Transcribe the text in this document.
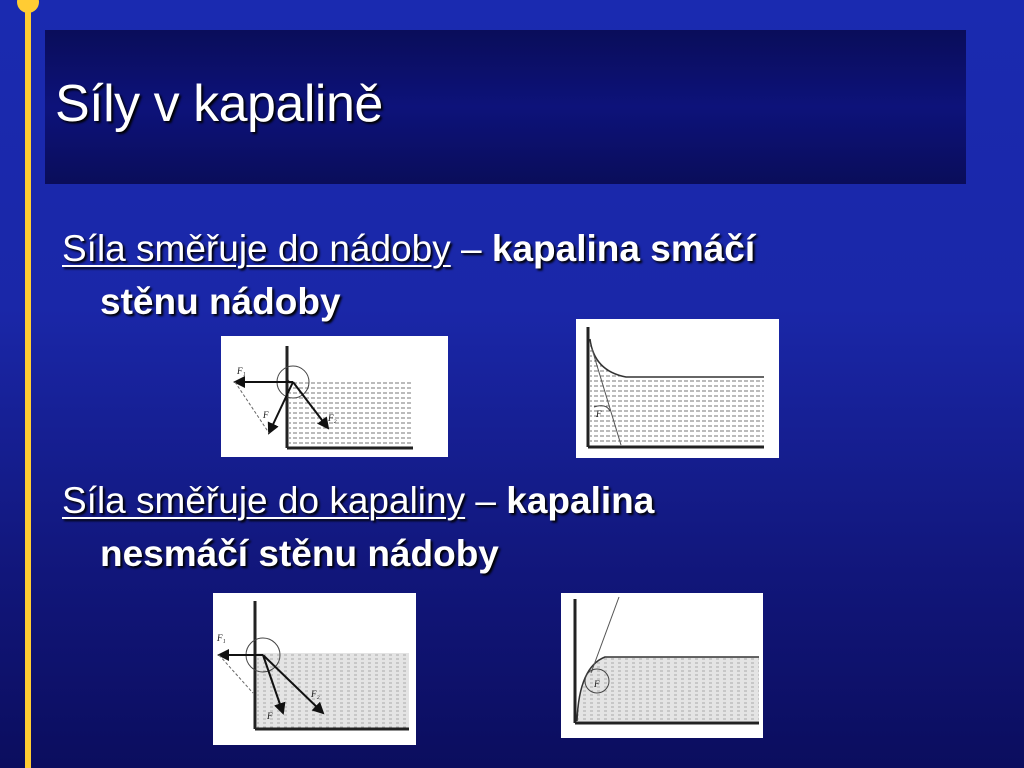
Síly v kapalině

Síla směřuje do nádoby – kapalina smáčí
stěnu nádoby

Síla směřuje do kapaliny – kapalina
nesmáčí stěnu nádoby

F₁
F	F₂	F
F₁
F
F₂
F
